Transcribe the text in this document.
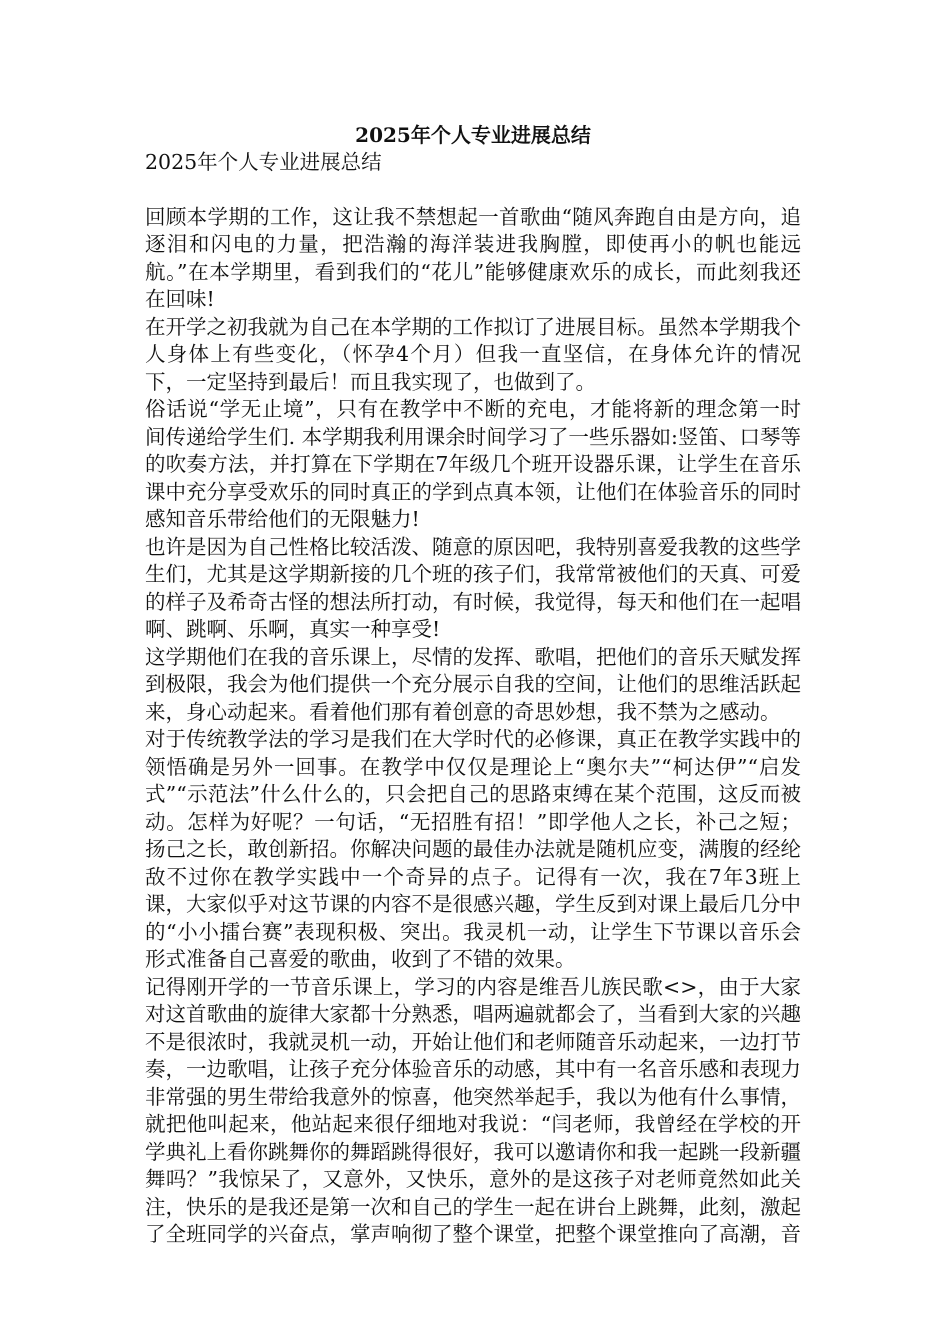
2025年个人专业进展总结

2025年个人专业进展总结

回顾本学期的工作，这让我不禁想起一首歌曲“随风奔跑自由是方向，追逐泪和闪电的力量，把浩瀚的海洋装进我胸膛，即使再小的帆也能远航。”在本学期里，看到我们的“花儿”能够健康欢乐的成长，而此刻我还在回味!

在开学之初我就为自己在本学期的工作拟订了进展目标。虽然本学期我个人身体上有些变化，（怀孕4个月）但我一直坚信，在身体允许的情况下，一定坚持到最后！而且我实现了，也做到了。

俗话说“学无止境”，只有在教学中不断的充电，才能将新的理念第一时间传递给学生们. 本学期我利用课余时间学习了一些乐器如:竖笛、口琴等的吹奏方法，并打算在下学期在7年级几个班开设器乐课，让学生在音乐课中充分享受欢乐的同时真正的学到点真本领，让他们在体验音乐的同时感知音乐带给他们的无限魅力!

也许是因为自己性格比较活泼、随意的原因吧，我特别喜爱我教的这些学生们，尤其是这学期新接的几个班的孩子们，我常常被他们的天真、可爱的样子及希奇古怪的想法所打动，有时候，我觉得，每天和他们在一起唱啊、跳啊、乐啊，真实一种享受!

这学期他们在我的音乐课上，尽情的发挥、歌唱，把他们的音乐天赋发挥到极限，我会为他们提供一个充分展示自我的空间，让他们的思维活跃起来，身心动起来。看着他们那有着创意的奇思妙想，我不禁为之感动。

对于传统教学法的学习是我们在大学时代的必修课，真正在教学实践中的领悟确是另外一回事。在教学中仅仅是理论上“奥尔夫”“柯达伊”“启发式”“示范法”什么什么的，只会把自己的思路束缚在某个范围，这反而被动。怎样为好呢？一句话，“无招胜有招！”即学他人之长，补己之短；扬己之长，敢创新招。你解决问题的最佳办法就是随机应变，满腹的经纶敌不过你在教学实践中一个奇异的点子。记得有一次，我在7年3班上课，大家似乎对这节课的内容不是很感兴趣，学生反到对课上最后几分中的“小小擂台赛”表现积极、突出。我灵机一动，让学生下节课以音乐会形式准备自己喜爱的歌曲，收到了不错的效果。

记得刚开学的一节音乐课上，学习的内容是维吾儿族民歌<>，由于大家对这首歌曲的旋律大家都十分熟悉，唱两遍就都会了，当看到大家的兴趣不是很浓时，我就灵机一动，开始让他们和老师随音乐动起来，一边打节奏，一边歌唱，让孩子充分体验音乐的动感，其中有一名音乐感和表现力非常强的男生带给我意外的惊喜，他突然举起手，我以为他有什么事情，就把他叫起来，他站起来很仔细地对我说：“闫老师，我曾经在学校的开学典礼上看你跳舞你的舞蹈跳得很好，我可以邀请你和我一起跳一段新疆舞吗？”我惊呆了，又意外，又快乐，意外的是这孩子对老师竟然如此关注，快乐的是我还是第一次和自己的学生一起在讲台上跳舞，此刻，激起了全班同学的兴奋点，掌声响彻了整个课堂，把整个课堂推向了高潮，音
